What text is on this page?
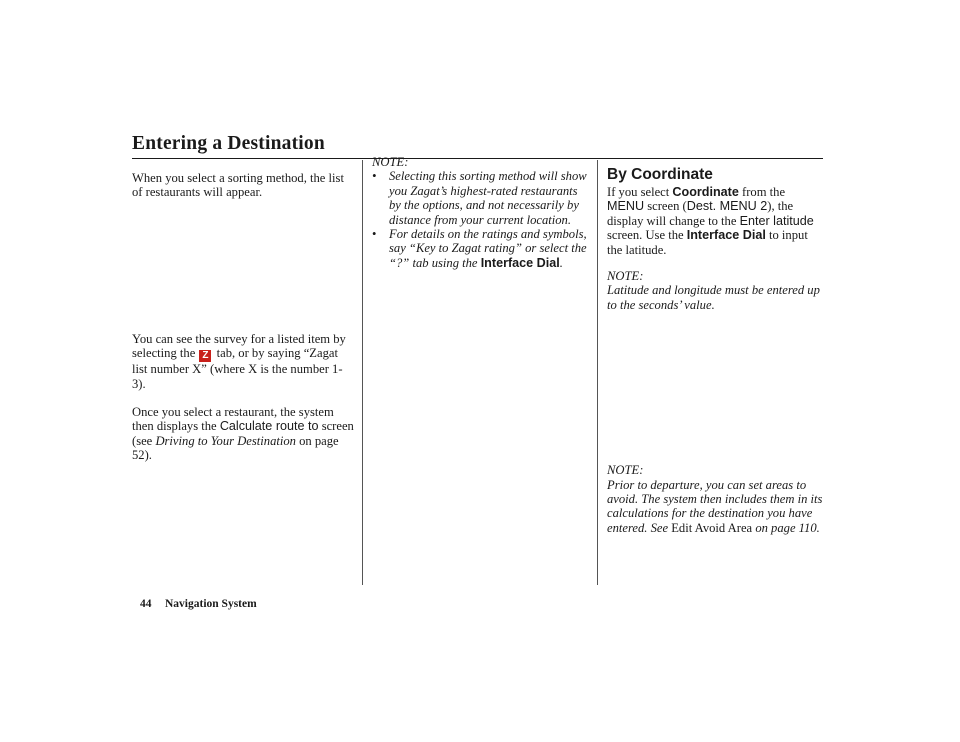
Entering a Destination

When you select a sorting method, the list of restaurants will appear.

You can see the survey for a listed item by selecting the Z tab, or by saying “Zagat list number X” (where X is the number 1-3).

Once you select a restaurant, the system then displays the Calculate route to screen (see Driving to Your Destination on page 52).

NOTE:

• Selecting this sorting method will show you Zagat’s highest-rated restaurants by the options, and not necessarily by distance from your current location.
• For details on the ratings and symbols, say “Key to Zagat rating” or select the “?” tab using the Interface Dial.
By Coordinate

If you select Coordinate from the MENU screen (Dest. MENU 2), the display will change to the Enter latitude screen. Use the Interface Dial to input the latitude.

NOTE:

Latitude and longitude must be entered up to the seconds’ value.

NOTE:

Prior to departure, you can set areas to avoid. The system then includes them in its calculations for the destination you have entered. See Edit Avoid Area on page 110.

44 Navigation System
